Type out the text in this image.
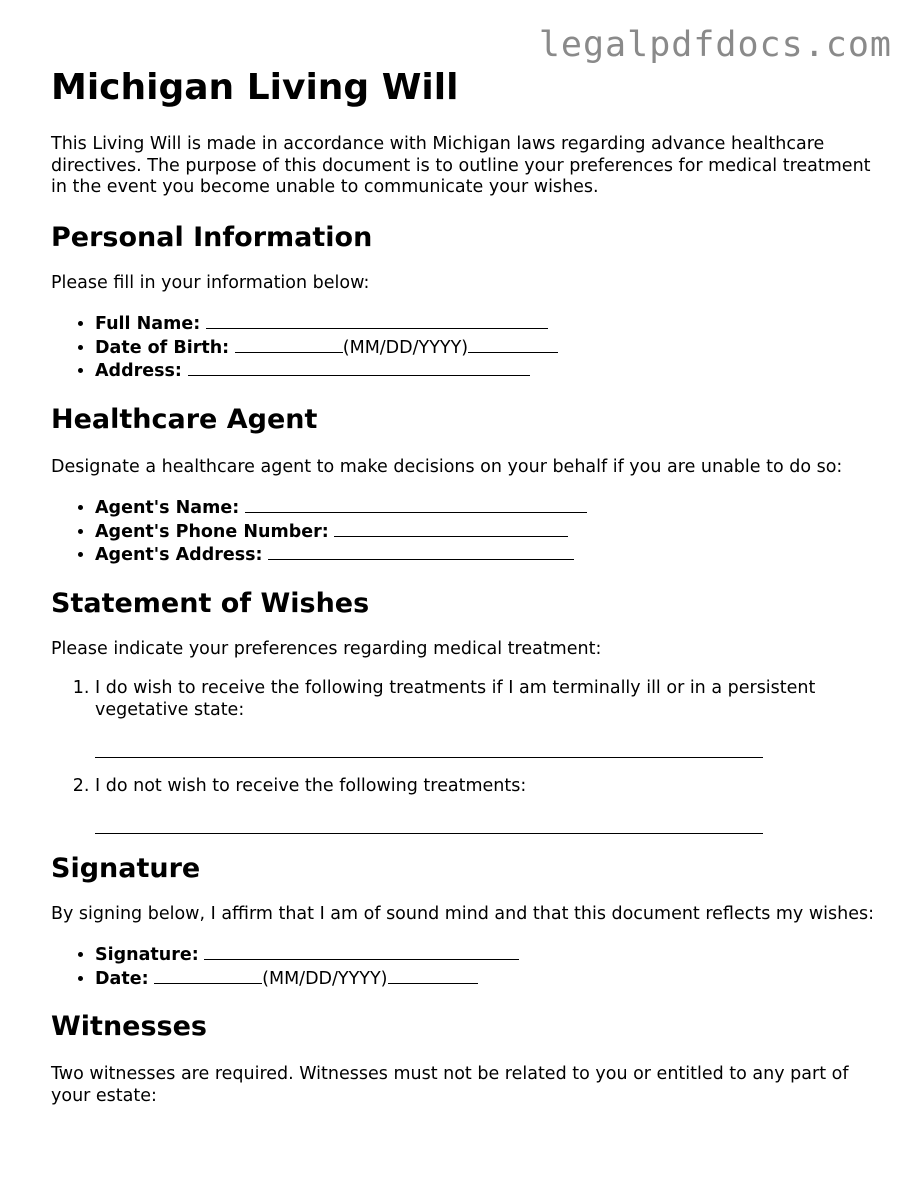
legalpdfdocs.com
Michigan Living Will

This Living Will is made in accordance with Michigan laws regarding advance healthcare directives. The purpose of this document is to outline your preferences for medical treatment in the event you become unable to communicate your wishes.

Personal Information

Please fill in your information below:

• Full Name:
• Date of Birth:	(MM/DD/YYYY)
• Address:
Healthcare Agent

Designate a healthcare agent to make decisions on your behalf if you are unable to do so:

• Agent's Name:
• Agent's Phone Number:
• Agent's Address:
Statement of Wishes

Please indicate your preferences regarding medical treatment:

1. I do wish to receive the following treatments if I am terminally ill or in a persistent vegetative state:
2. I do not wish to receive the following treatments:
Signature

By signing below, I affirm that I am of sound mind and that this document reflects my wishes:

• Signature:
• Date:	(MM/DD/YYYY)
Witnesses

Two witnesses are required. Witnesses must not be related to you or entitled to any part of your estate:
